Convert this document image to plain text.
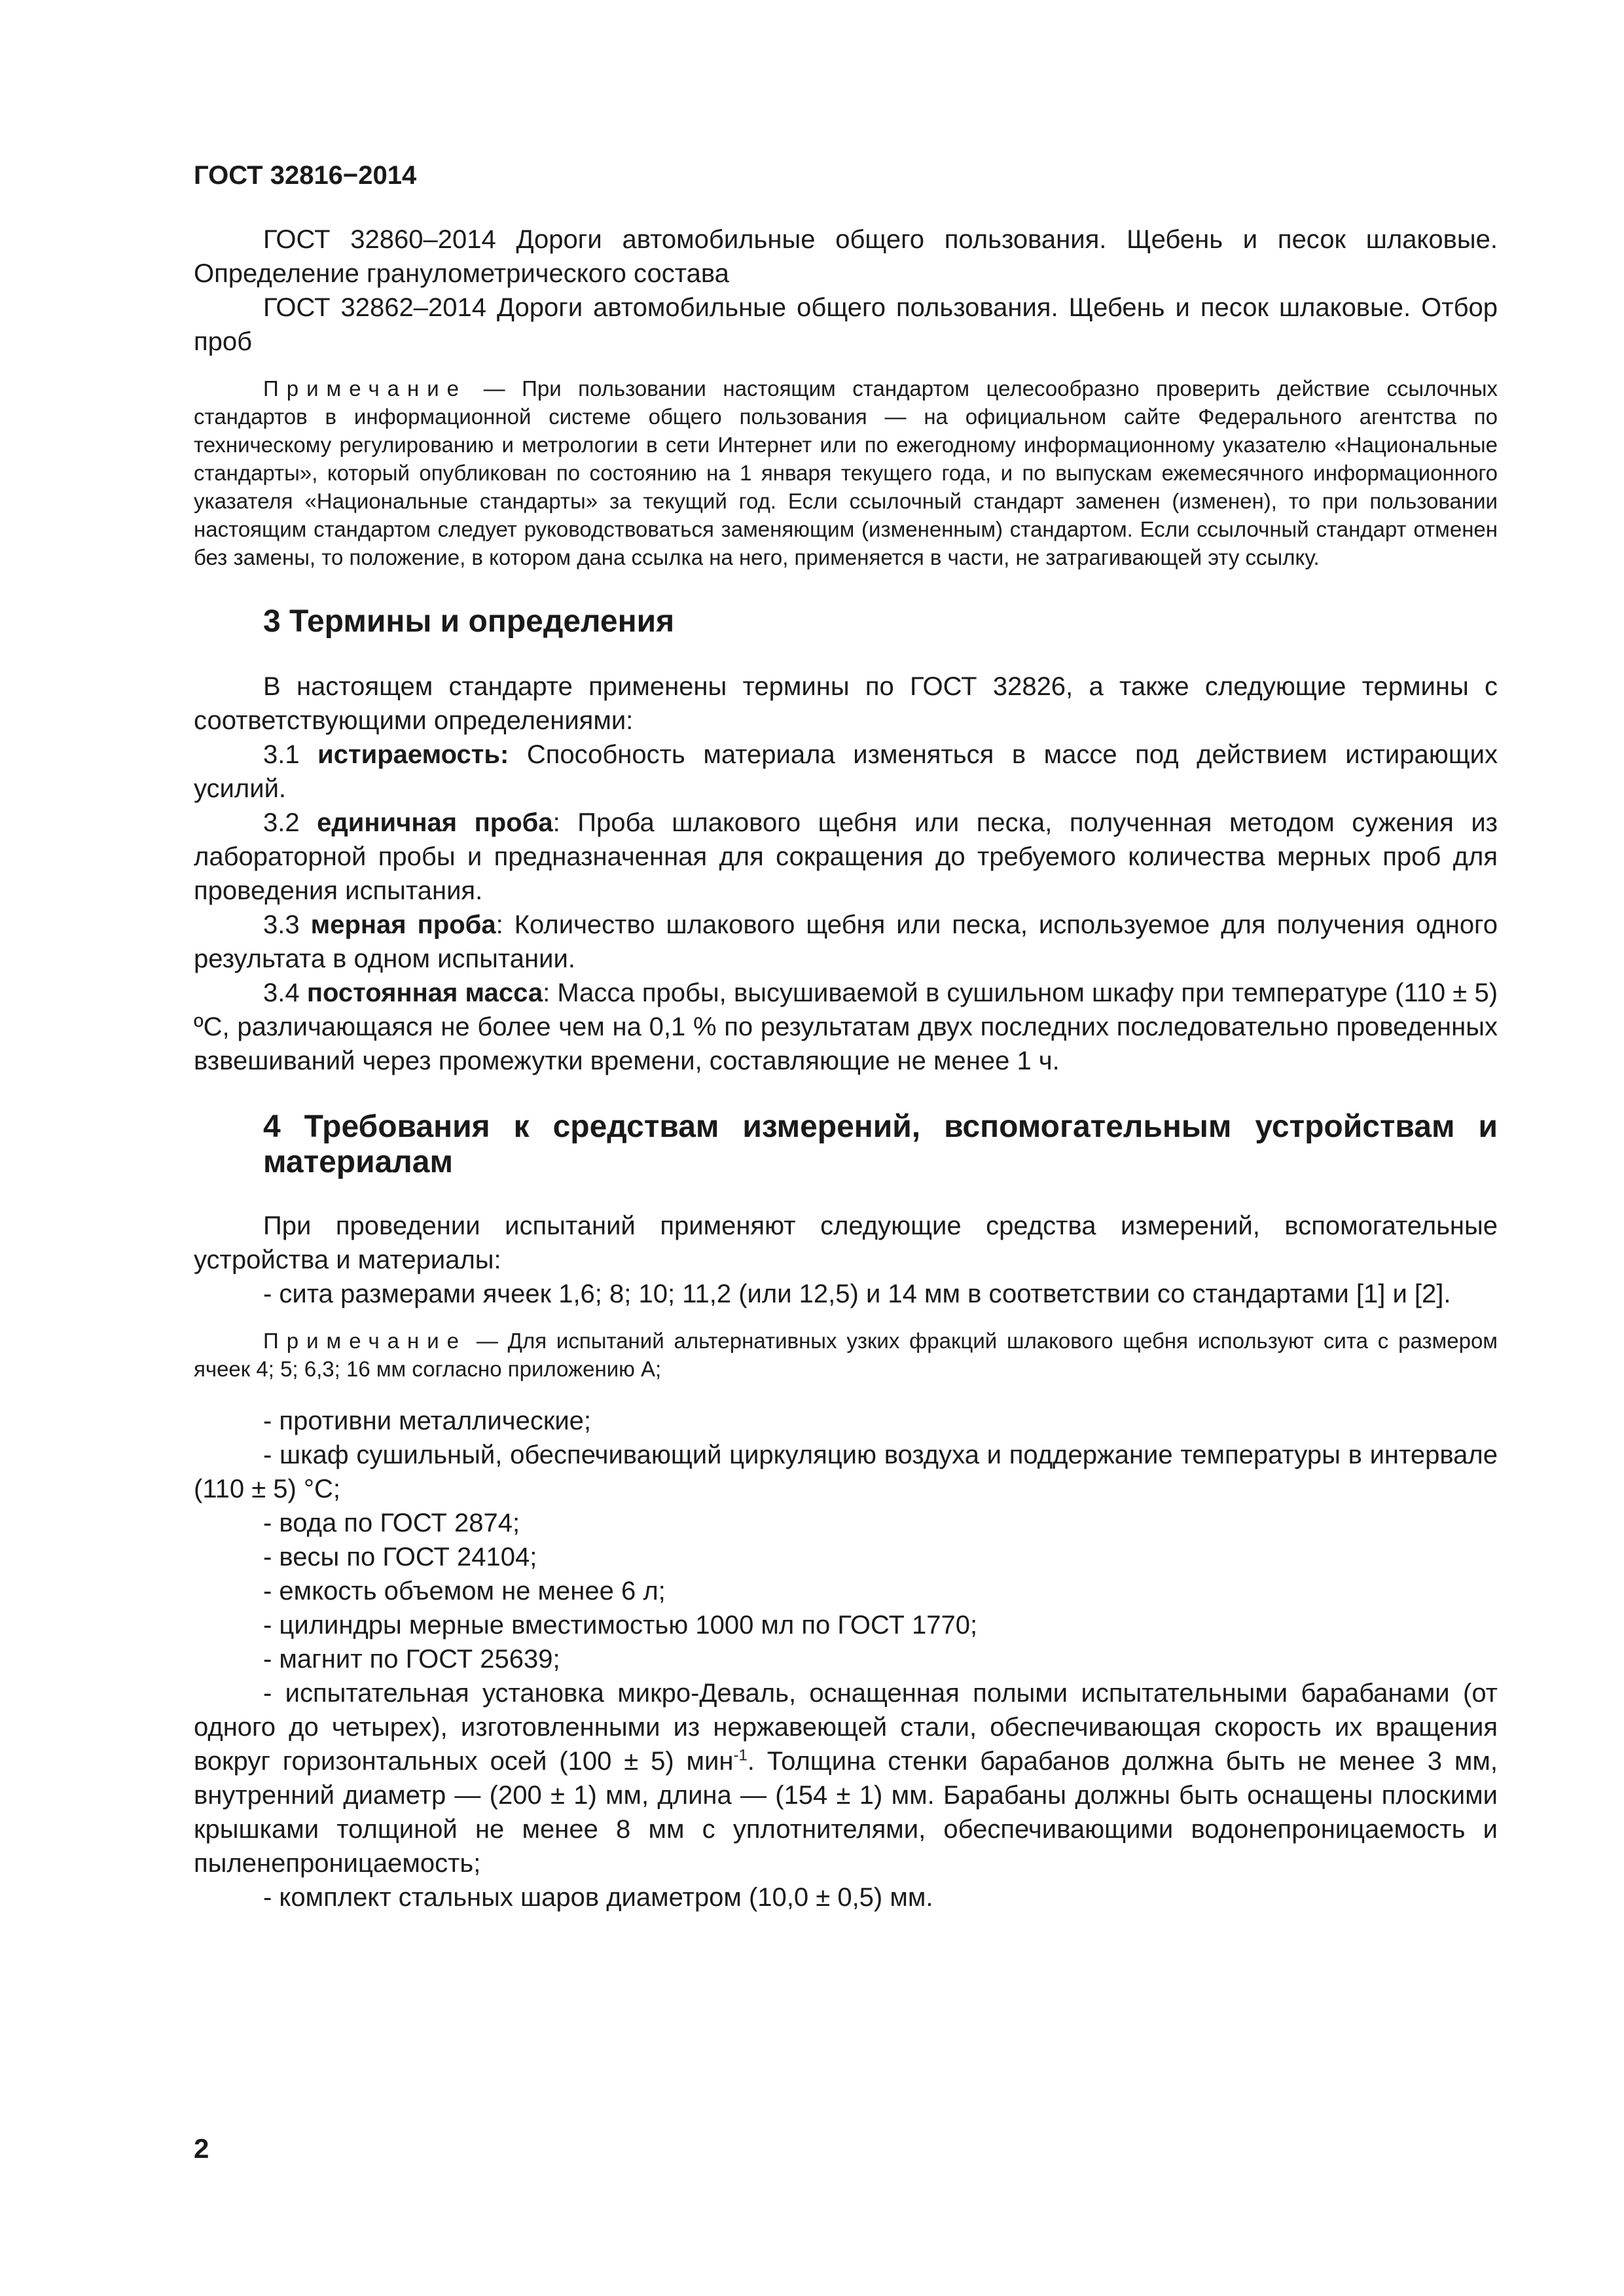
ГОСТ 32816−2014

ГОСТ 32860–2014 Дороги автомобильные общего пользования. Щебень и песок шлаковые. Определение гранулометрического состава

ГОСТ 32862–2014 Дороги автомобильные общего пользования. Щебень и песок шлаковые. Отбор проб

Примечание — При пользовании настоящим стандартом целесообразно проверить действие ссылочных стандартов в информационной системе общего пользования — на официальном сайте Федерального агентства по техническому регулированию и метрологии в сети Интернет или по ежегодному информационному указателю «Национальные стандарты», который опубликован по состоянию на 1 января текущего года, и по выпускам ежемесячного информационного указателя «Национальные стандарты» за текущий год. Если ссылочный стандарт заменен (изменен), то при пользовании настоящим стандартом следует руководствоваться заменяющим (измененным) стандартом. Если ссылочный стандарт отменен без замены, то положение, в котором дана ссылка на него, применяется в части, не затрагивающей эту ссылку.
3 Термины и определения

В настоящем стандарте применены термины по ГОСТ 32826, а также следующие термины с соответствующими определениями:

3.1 истираемость: Способность материала изменяться в массе под действием истирающих усилий.

3.2 единичная проба: Проба шлакового щебня или песка, полученная методом сужения из лабораторной пробы и предназначенная для сокращения до требуемого количества мерных проб для проведения испытания.

3.3 мерная проба: Количество шлакового щебня или песка, используемое для получения одного результата в одном испытании.

3.4 постоянная масса: Масса пробы, высушиваемой в сушильном шкафу при температуре (110 ± 5) ºС, различающаяся не более чем на 0,1 % по результатам двух последних последовательно проведенных взвешиваний через промежутки времени, составляющие не менее 1 ч.

4 Требования к средствам измерений, вспомогательным устройствам и материалам

При проведении испытаний применяют следующие средства измерений, вспомогательные устройства и материалы:

- сита размерами ячеек 1,6; 8; 10; 11,2 (или 12,5) и 14 мм в соответствии со стандартами [1] и [2].

Примечание — Для испытаний альтернативных узких фракций шлакового щебня используют сита с размером ячеек 4; 5; 6,3; 16 мм согласно приложению А;

- противни металлические;

- шкаф сушильный, обеспечивающий циркуляцию воздуха и поддержание температуры в интервале (110 ± 5) °С;

- вода по ГОСТ 2874;

- весы по ГОСТ 24104;

- емкость объемом не менее 6 л;

- цилиндры мерные вместимостью 1000 мл по ГОСТ 1770;

- магнит по ГОСТ 25639;

- испытательная установка микро-Деваль, оснащенная полыми испытательными барабанами (от одного до четырех), изготовленными из нержавеющей стали, обеспечивающая скорость их вращения вокруг горизонтальных осей (100 ± 5) мин$^{-1}$. Толщина стенки барабанов должна быть не менее 3 мм, внутренний диаметр — (200 ± 1) мм, длина — (154 ± 1) мм. Барабаны должны быть оснащены плоскими крышками толщиной не менее 8 мм с уплотнителями, обеспечивающими водонепроницаемость и пыленепроницаемость;

- комплект стальных шаров диаметром (10,0 ± 0,5) мм.

2
